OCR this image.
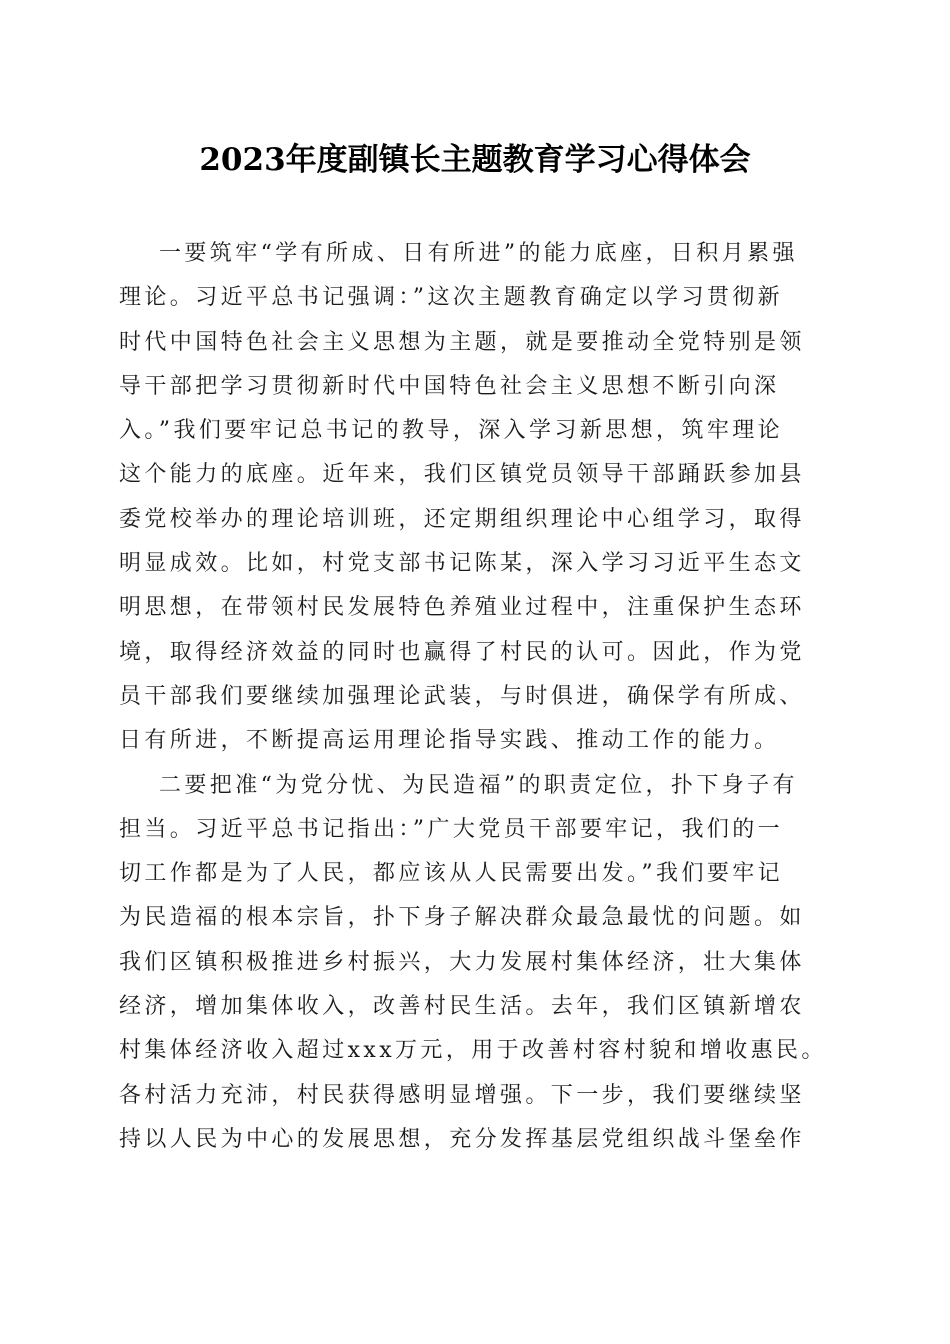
2023年度副镇长主题教育学习心得体会
一要筑牢“学有所成、日有所进”的能力底座，日积月累强
理论。习近平总书记强调：”这次主题教育确定以学习贯彻新
时代中国特色社会主义思想为主题，就是要推动全党特别是领
导干部把学习贯彻新时代中国特色社会主义思想不断引向深
入。”我们要牢记总书记的教导，深入学习新思想，筑牢理论
这个能力的底座。近年来，我们区镇党员领导干部踊跃参加县
委党校举办的理论培训班，还定期组织理论中心组学习，取得
明显成效。比如，村党支部书记陈某，深入学习习近平生态文
明思想，在带领村民发展特色养殖业过程中，注重保护生态环
境，取得经济效益的同时也赢得了村民的认可。因此，作为党
员干部我们要继续加强理论武装，与时俱进，确保学有所成、
日有所进，不断提高运用理论指导实践、推动工作的能力。
二要把准“为党分忧、为民造福”的职责定位，扑下身子有
担当。习近平总书记指出：”广大党员干部要牢记，我们的一
切工作都是为了人民，都应该从人民需要出发。”我们要牢记
为民造福的根本宗旨，扑下身子解决群众最急最忧的问题。如
我们区镇积极推进乡村振兴，大力发展村集体经济，壮大集体
经济，增加集体收入，改善村民生活。去年，我们区镇新增农
村集体经济收入超过xxx万元，用于改善村容村貌和增收惠民。
各村活力充沛，村民获得感明显增强。下一步，我们要继续坚
持以人民为中心的发展思想，充分发挥基层党组织战斗堡垒作
